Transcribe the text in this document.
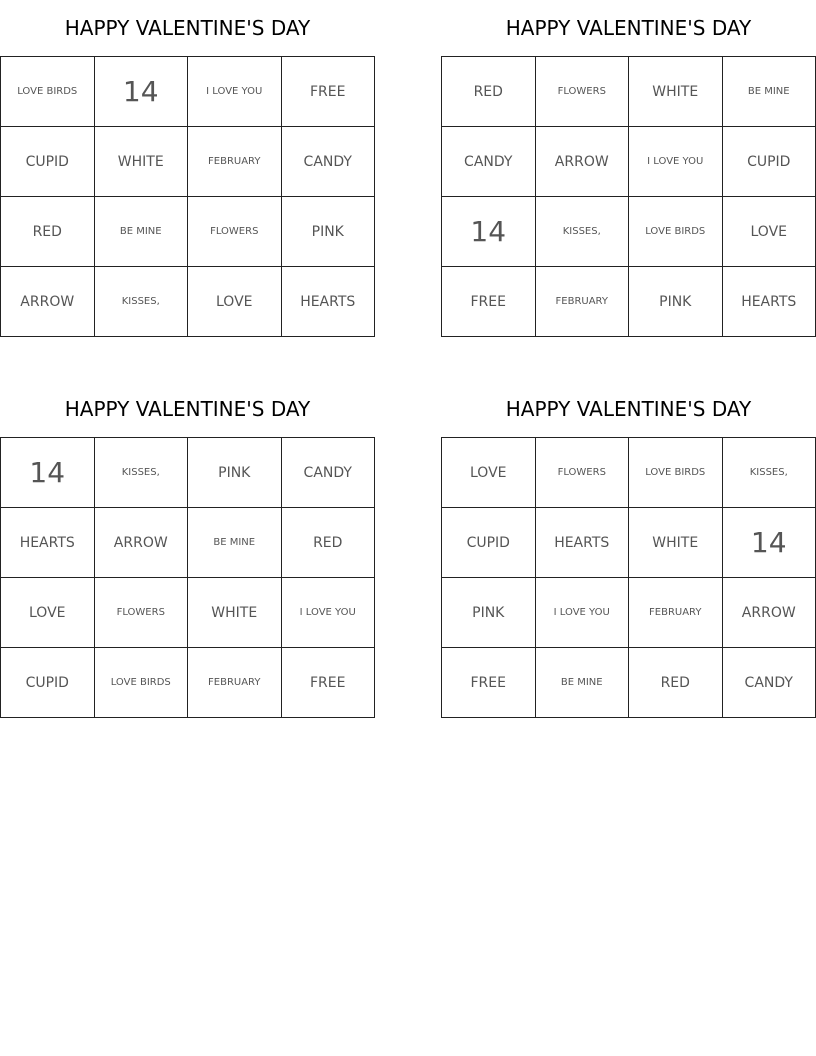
HAPPY VALENTINE'S DAY
LOVE BIRDS	14	I LOVE YOU	FREE
CUPID	WHITE	FEBRUARY	CANDY
RED	BE MINE	FLOWERS	PINK
ARROW	KISSES,	LOVE	HEARTS
HAPPY VALENTINE'S DAY
RED	FLOWERS	WHITE	BE MINE
CANDY	ARROW	I LOVE YOU	CUPID
14	KISSES,	LOVE BIRDS	LOVE
FREE	FEBRUARY	PINK	HEARTS
HAPPY VALENTINE'S DAY
14	KISSES,	PINK	CANDY
HEARTS	ARROW	BE MINE	RED
LOVE	FLOWERS	WHITE	I LOVE YOU
CUPID	LOVE BIRDS	FEBRUARY	FREE
HAPPY VALENTINE'S DAY
LOVE	FLOWERS	LOVE BIRDS	KISSES,
CUPID	HEARTS	WHITE	14
PINK	I LOVE YOU	FEBRUARY	ARROW
FREE	BE MINE	RED	CANDY
